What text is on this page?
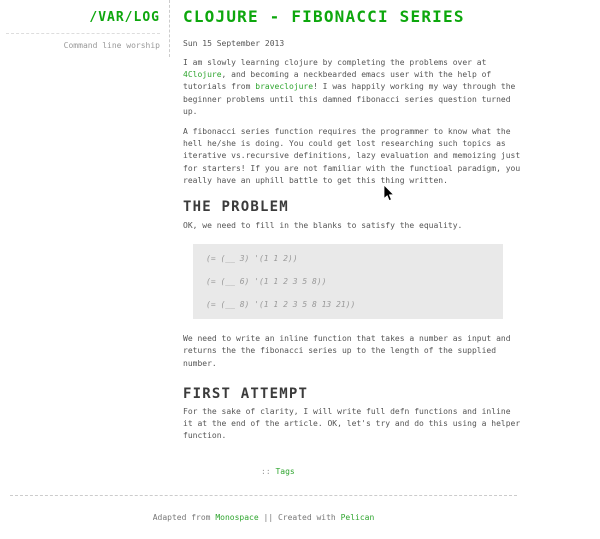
/VAR/LOG
Command line worship
CLOJURE - FIBONACCI SERIES
Sun 15 September 2013

I am slowly learning clojure by completing the problems over at 4Clojure, and becoming a neckbearded emacs user with the help of tutorials from braveclojure! I was happily working my way through the beginner problems until this damned fibonacci series question turned up.

A fibonacci series function requires the programmer to know what the hell he/she is doing. You could get lost researching such topics as iterative vs.recursive definitions, lazy evaluation and memoizing just for starters! If you are not familiar with the functioal paradigm, you really have an uphill battle to get this thing written.

THE PROBLEM

OK, we need to fill in the blanks to satisfy the equality.

(= (__ 3) '(1 1 2))
(= (__ 6) '(1 1 2 3 5 8))
(= (__ 8) '(1 1 2 3 5 8 13 21))

We need to write an inline function that takes a number as input and returns the the fibonacci series up to the length of the supplied number.

FIRST ATTEMPT

For the sake of clarity, I will write full defn functions and inline it at the end of the article. OK, let's try and do this using a helper function.

:: Tags
Adapted from Monospace || Created with Pelican
